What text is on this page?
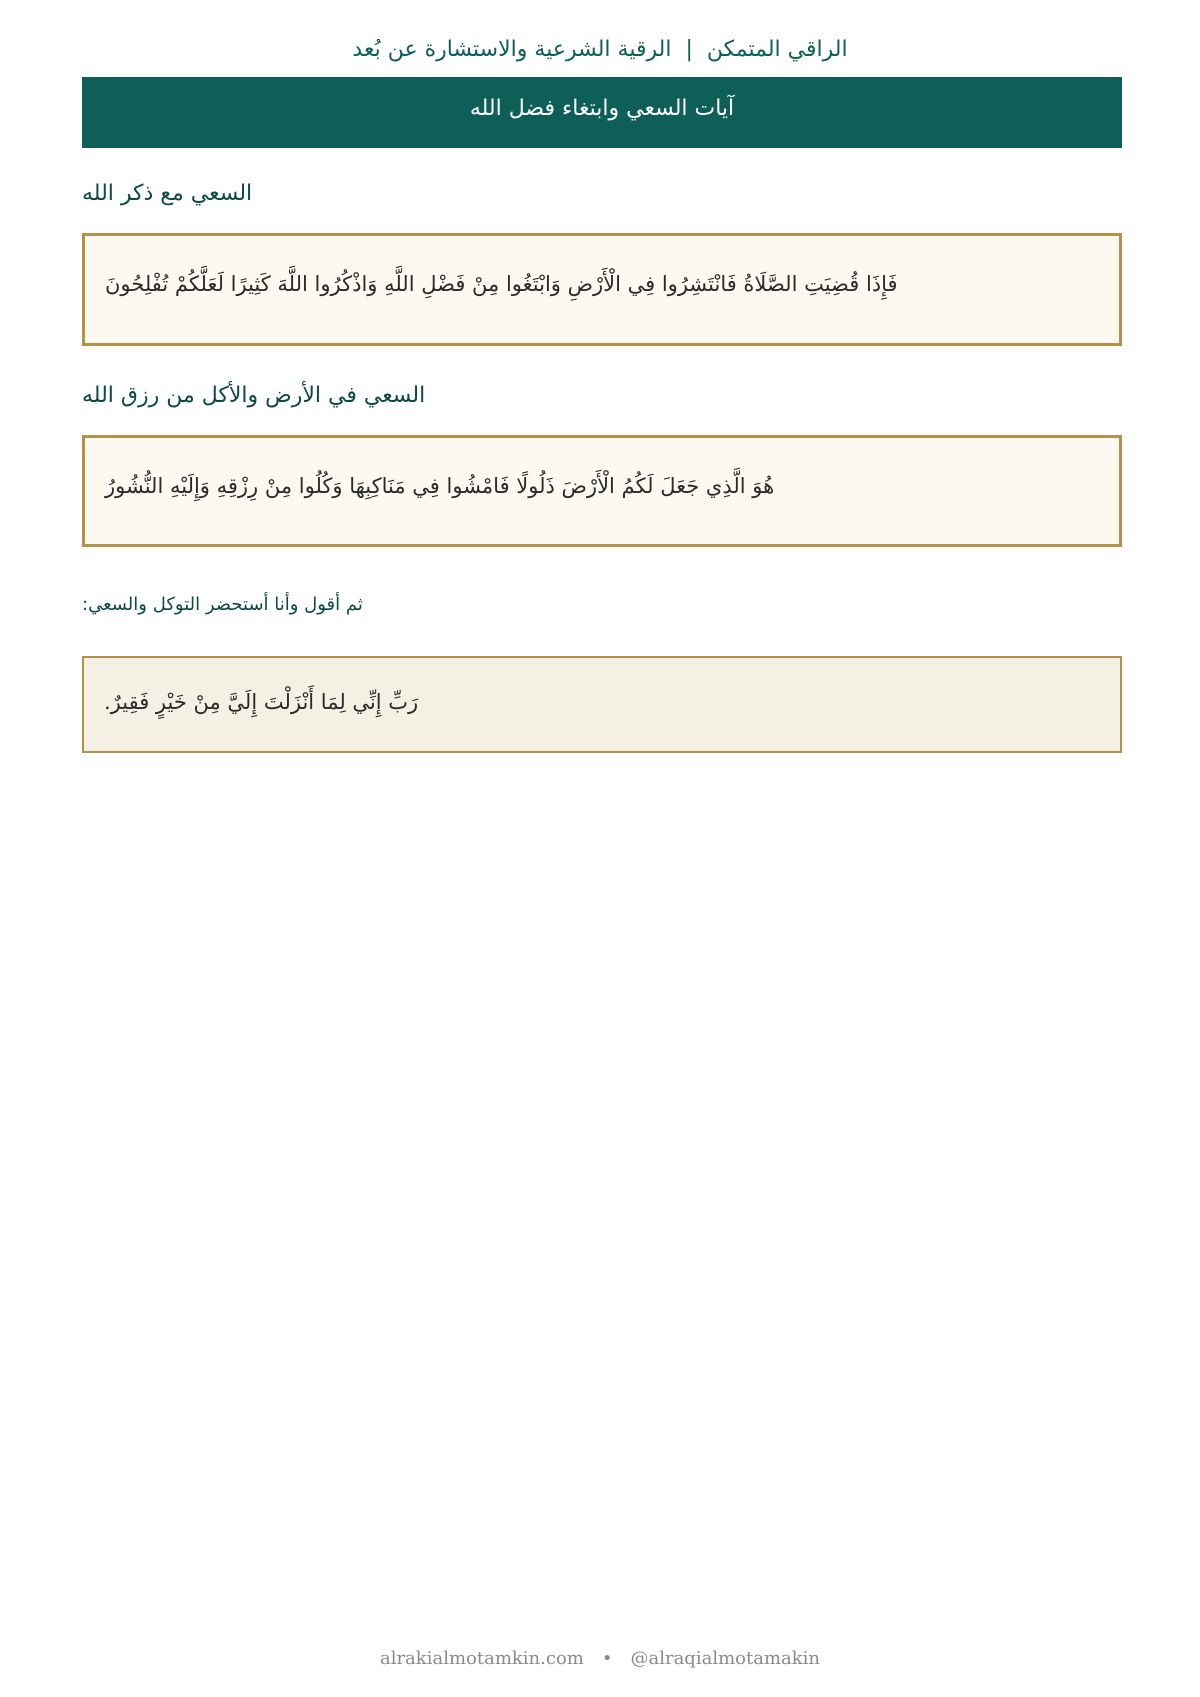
الراقي المتمكن|الرقية الشرعية والاستشارة عن بُعد
آيات السعي وابتغاء فضل الله
السعي مع ذكر الله
فَإِذَا قُضِيَتِ الصَّلَاةُ فَانْتَشِرُوا فِي الْأَرْضِ وَابْتَغُوا مِنْ فَضْلِ اللَّهِ وَاذْكُرُوا اللَّهَ كَثِيرًا لَعَلَّكُمْ تُفْلِحُونَ
السعي في الأرض والأكل من رزق الله
هُوَ الَّذِي جَعَلَ لَكُمُ الْأَرْضَ ذَلُولًا فَامْشُوا فِي مَنَاكِبِهَا وَكُلُوا مِنْ رِزْقِهِ وَإِلَيْهِ النُّشُورُ
ثم أقول وأنا أستحضر التوكل والسعي:
رَبِّ إِنِّي لِمَا أَنْزَلْتَ إِلَيَّ مِنْ خَيْرٍ فَقِيرٌ.
alrakialmotamkin.com • @alraqialmotamakin
